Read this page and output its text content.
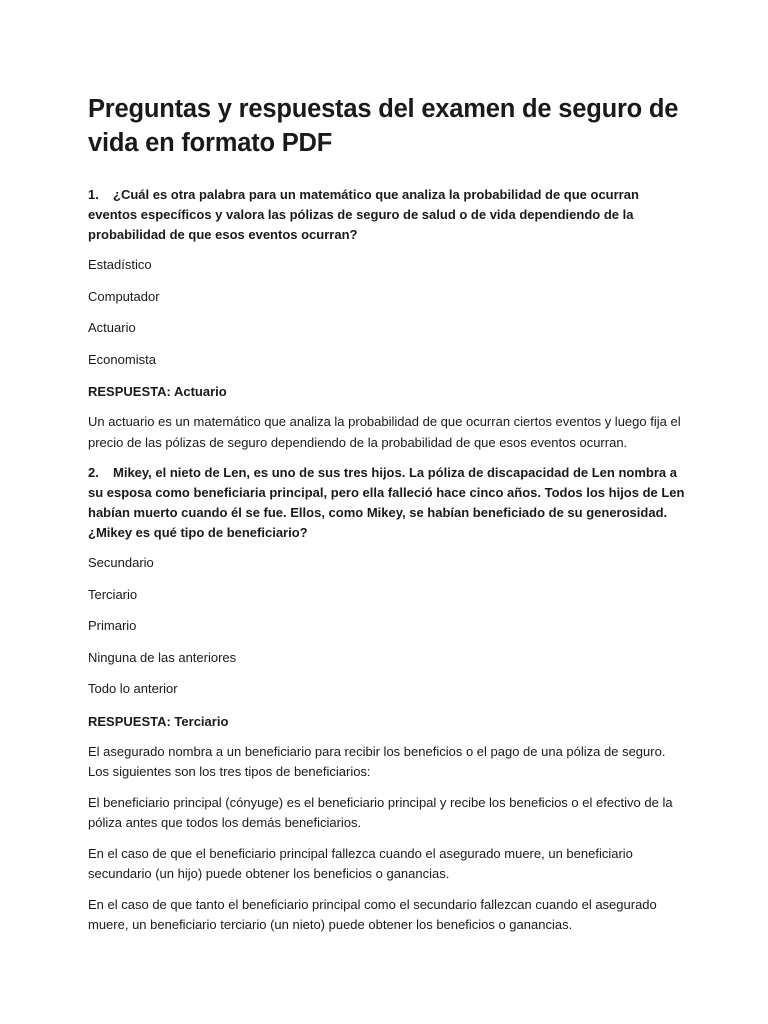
Preguntas y respuestas del examen de seguro de vida en formato PDF

1. ¿Cuál es otra palabra para un matemático que analiza la probabilidad de que ocurran eventos específicos y valora las pólizas de seguro de salud o de vida dependiendo de la probabilidad de que esos eventos ocurran?

Estadístico

Computador

Actuario

Economista

RESPUESTA: Actuario

Un actuario es un matemático que analiza la probabilidad de que ocurran ciertos eventos y luego fija el precio de las pólizas de seguro dependiendo de la probabilidad de que esos eventos ocurran.

2. Mikey, el nieto de Len, es uno de sus tres hijos. La póliza de discapacidad de Len nombra a su esposa como beneficiaria principal, pero ella falleció hace cinco años. Todos los hijos de Len habían muerto cuando él se fue. Ellos, como Mikey, se habían beneficiado de su generosidad. ¿Mikey es qué tipo de beneficiario?

Secundario

Terciario

Primario

Ninguna de las anteriores

Todo lo anterior

RESPUESTA: Terciario

El asegurado nombra a un beneficiario para recibir los beneficios o el pago de una póliza de seguro. Los siguientes son los tres tipos de beneficiarios:

El beneficiario principal (cónyuge) es el beneficiario principal y recibe los beneficios o el efectivo de la póliza antes que todos los demás beneficiarios.

En el caso de que el beneficiario principal fallezca cuando el asegurado muere, un beneficiario secundario (un hijo) puede obtener los beneficios o ganancias.

En el caso de que tanto el beneficiario principal como el secundario fallezcan cuando el asegurado muere, un beneficiario terciario (un nieto) puede obtener los beneficios o ganancias.
